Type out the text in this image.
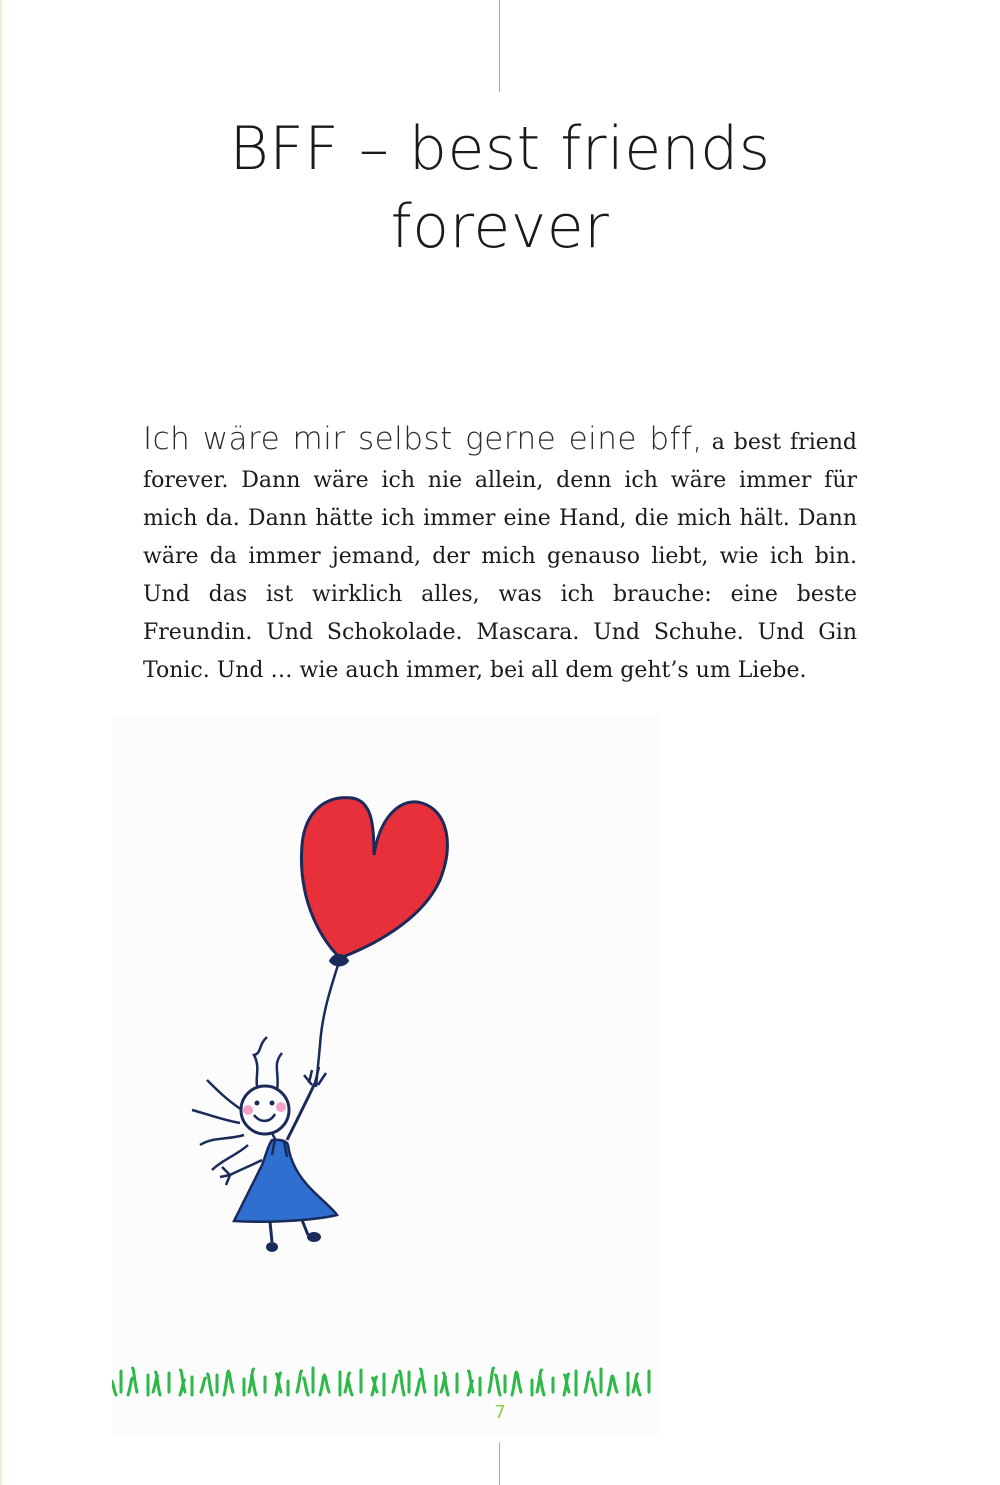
BFF – best friends
forever

Ich wäre mir selbst gerne eine bff, a best friend forever. Dann wäre ich nie allein, denn ich wäre immer für mich da. Dann hätte ich immer eine Hand, die mich hält. Dann wäre da immer jemand, der mich genauso liebt, wie ich bin. Und das ist wirklich alles, was ich brauche: eine beste Freundin. Und Schokolade. Mascara. Und Schuhe. Und Gin Tonic. Und … wie auch immer, bei all dem geht’s um Liebe.

7
